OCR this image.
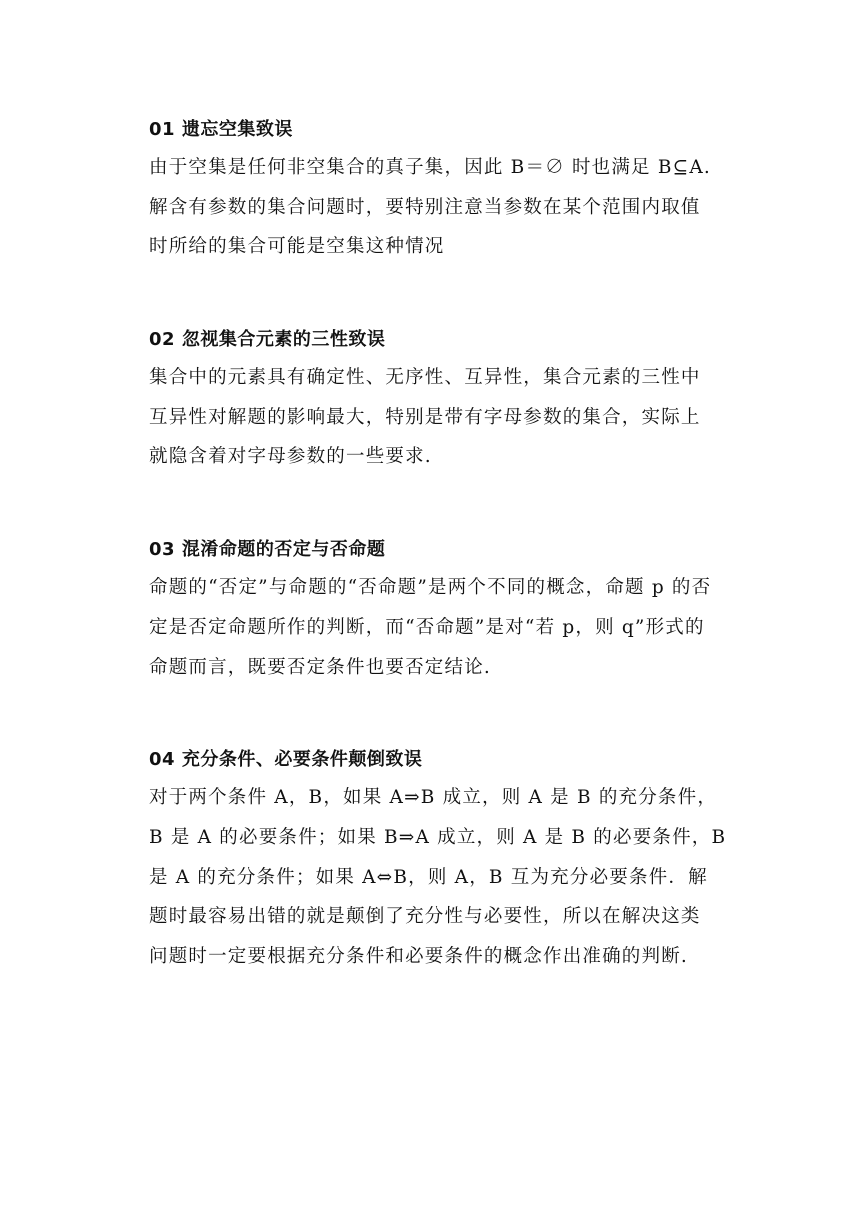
01 遗忘空集致误
由于空集是任何非空集合的真子集，因此 B＝∅ 时也满足 B⊆A.
解含有参数的集合问题时，要特别注意当参数在某个范围内取值
时所给的集合可能是空集这种情况
02 忽视集合元素的三性致误
集合中的元素具有确定性、无序性、互异性，集合元素的三性中
互异性对解题的影响最大，特别是带有字母参数的集合，实际上
就隐含着对字母参数的一些要求.
03 混淆命题的否定与否命题
命题的“否定”与命题的“否命题”是两个不同的概念，命题 p 的否
定是否定命题所作的判断，而“否命题”是对“若 p，则 q”形式的
命题而言，既要否定条件也要否定结论.
04 充分条件、必要条件颠倒致误
对于两个条件 A，B，如果 A⇒B 成立，则 A 是 B 的充分条件，
B 是 A 的必要条件；如果 B⇒A 成立，则 A 是 B 的必要条件，B
是 A 的充分条件；如果 A⇔B，则 A，B 互为充分必要条件．解
题时最容易出错的就是颠倒了充分性与必要性，所以在解决这类
问题时一定要根据充分条件和必要条件的概念作出准确的判断.
